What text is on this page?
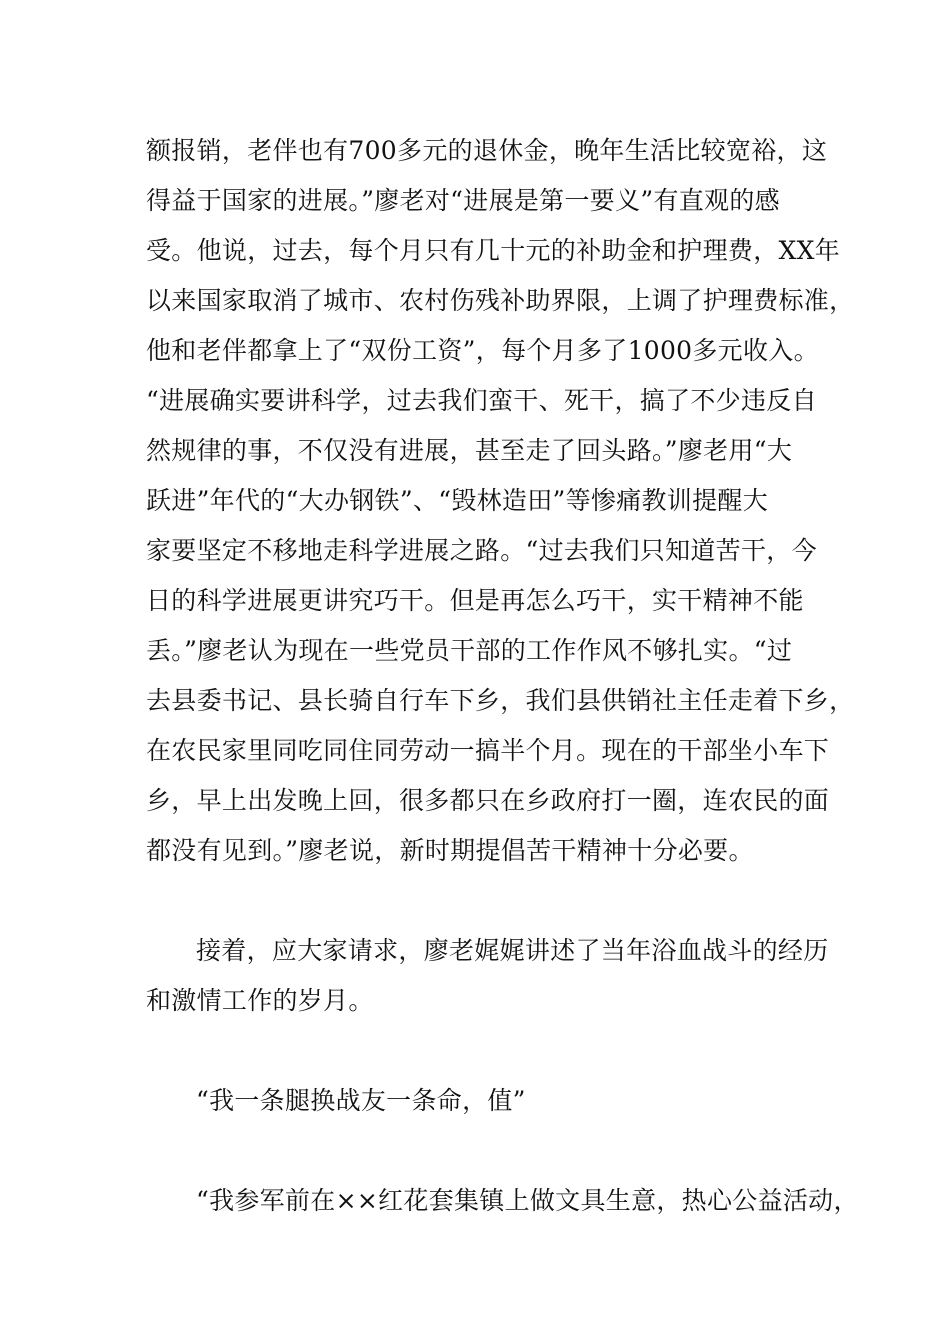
额报销，老伴也有700多元的退休金，晚年生活比较宽裕，这
得益于国家的进展。”廖老对“进展是第一要义”有直观的感
受。他说，过去，每个月只有几十元的补助金和护理费，XX年
以来国家取消了城市、农村伤残补助界限，上调了护理费标准，
他和老伴都拿上了“双份工资”，每个月多了1000多元收入。
“进展确实要讲科学，过去我们蛮干、死干，搞了不少违反自
然规律的事，不仅没有进展，甚至走了回头路。”廖老用“大
跃进”年代的“大办钢铁”、“毁林造田”等惨痛教训提醒大
家要坚定不移地走科学进展之路。“过去我们只知道苦干，今
日的科学进展更讲究巧干。但是再怎么巧干，实干精神不能
丢。”廖老认为现在一些党员干部的工作作风不够扎实。“过
去县委书记、县长骑自行车下乡，我们县供销社主任走着下乡，
在农民家里同吃同住同劳动一搞半个月。现在的干部坐小车下
乡，早上出发晚上回，很多都只在乡政府打一圈，连农民的面
都没有见到。”廖老说，新时期提倡苦干精神十分必要。
接着，应大家请求，廖老娓娓讲述了当年浴血战斗的经历
和激情工作的岁月。
“我一条腿换战友一条命，值”
“我参军前在××红花套集镇上做文具生意，热心公益活动，
